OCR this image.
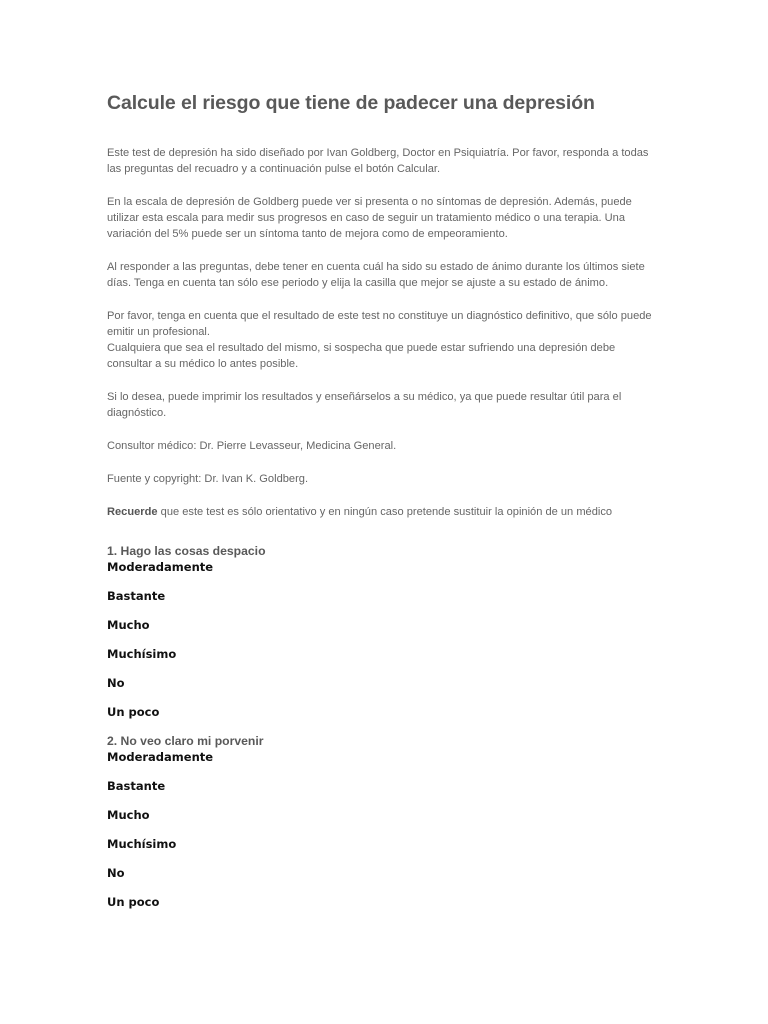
Calcule el riesgo que tiene de padecer una depresión

Este test de depresión ha sido diseñado por Ivan Goldberg, Doctor en Psiquiatría. Por favor, responda a todas las preguntas del recuadro y a continuación pulse el botón Calcular.

En la escala de depresión de Goldberg puede ver si presenta o no síntomas de depresión. Además, puede utilizar esta escala para medir sus progresos en caso de seguir un tratamiento médico o una terapia. Una variación del 5% puede ser un síntoma tanto de mejora como de empeoramiento.

Al responder a las preguntas, debe tener en cuenta cuál ha sido su estado de ánimo durante los últimos siete días. Tenga en cuenta tan sólo ese periodo y elija la casilla que mejor se ajuste a su estado de ánimo.

Por favor, tenga en cuenta que el resultado de este test no constituye un diagnóstico definitivo, que sólo puede emitir un profesional.
Cualquiera que sea el resultado del mismo, si sospecha que puede estar sufriendo una depresión debe consultar a su médico lo antes posible.

Si lo desea, puede imprimir los resultados y enseñárselos a su médico, ya que puede resultar útil para el diagnóstico.

Consultor médico: Dr. Pierre Levasseur, Medicina General.

Fuente y copyright: Dr. Ivan K. Goldberg.

Recuerde que este test es sólo orientativo y en ningún caso pretende sustituir la opinión de un médico

1. Hago las cosas despacio
Moderadamente
Bastante
Mucho
Muchísimo
No
Un poco
2. No veo claro mi porvenir
Moderadamente
Bastante
Mucho
Muchísimo
No
Un poco
